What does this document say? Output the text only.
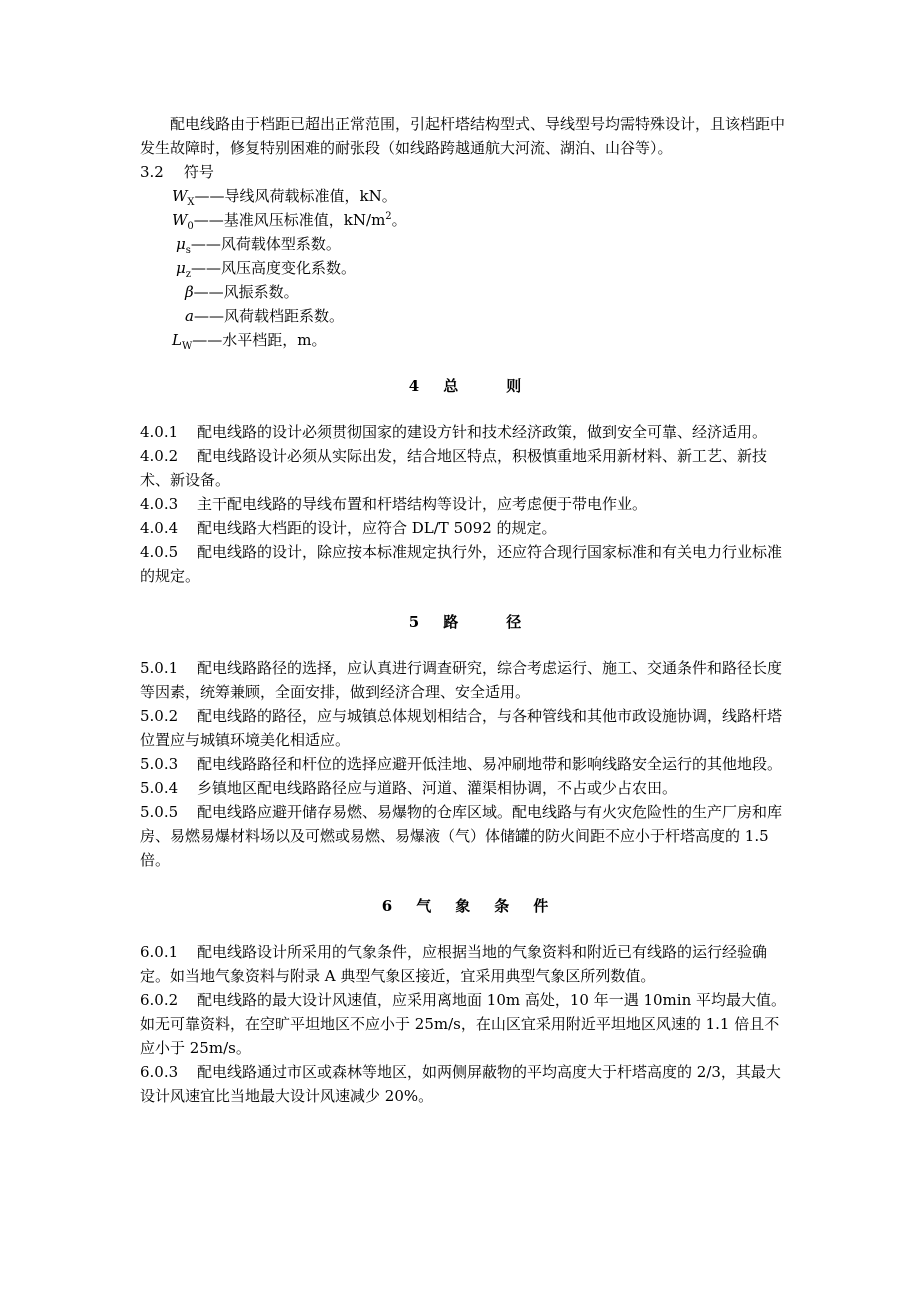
配电线路由于档距已超出正常范围，引起杆塔结构型式、导线型号均需特殊设计，且该档距中发生故障时，修复特别困难的耐张段（如线路跨越通航大河流、湖泊、山谷等）。

3.2 符号

$W_X——$导线风荷载标准值，kN。

$W_0——$基准风压标准值，$kN/m^2$。

$\mu_s——$风荷载体型系数。

$\mu_z——$风压高度变化系数。

β——风振系数。

a——风荷载档距系数。

$L_W——$水平档距，m。

4 总	则

4.0.1 配电线路的设计必须贯彻国家的建设方针和技术经济政策，做到安全可靠、经济适用。

4.0.2 配电线路设计必须从实际出发，结合地区特点，积极慎重地采用新材料、新工艺、新技术、新设备。

4.0.3 主干配电线路的导线布置和杆塔结构等设计，应考虑便于带电作业。

4.0.4 配电线路大档距的设计，应符合 DL/T 5092 的规定。

4.0.5 配电线路的设计，除应按本标准规定执行外，还应符合现行国家标准和有关电力行业标准的规定。

5 路	径

5.0.1 配电线路路径的选择，应认真进行调查研究，综合考虑运行、施工、交通条件和路径长度等因素，统筹兼顾，全面安排，做到经济合理、安全适用。

5.0.2 配电线路的路径，应与城镇总体规划相结合，与各种管线和其他市政设施协调，线路杆塔位置应与城镇环境美化相适应。

5.0.3 配电线路路径和杆位的选择应避开低洼地、易冲刷地带和影响线路安全运行的其他地段。

5.0.4 乡镇地区配电线路路径应与道路、河道、灌渠相协调，不占或少占农田。

5.0.5 配电线路应避开储存易燃、易爆物的仓库区域。配电线路与有火灾危险性的生产厂房和库房、易燃易爆材料场以及可燃或易燃、易爆液（气）体储罐的防火间距不应小于杆塔高度的 1.5 倍。

6 气 象 条 件

6.0.1 配电线路设计所采用的气象条件，应根据当地的气象资料和附近已有线路的运行经验确定。如当地气象资料与附录 A 典型气象区接近，宜采用典型气象区所列数值。

6.0.2 配电线路的最大设计风速值，应采用离地面 10m 高处，10 年一遇 10min 平均最大值。如无可靠资料，在空旷平坦地区不应小于 25m/s，在山区宜采用附近平坦地区风速的 1.1 倍且不应小于 25m/s。

6.0.3 配电线路通过市区或森林等地区，如两侧屏蔽物的平均高度大于杆塔高度的 2/3，其最大设计风速宜比当地最大设计风速减少 20%。
